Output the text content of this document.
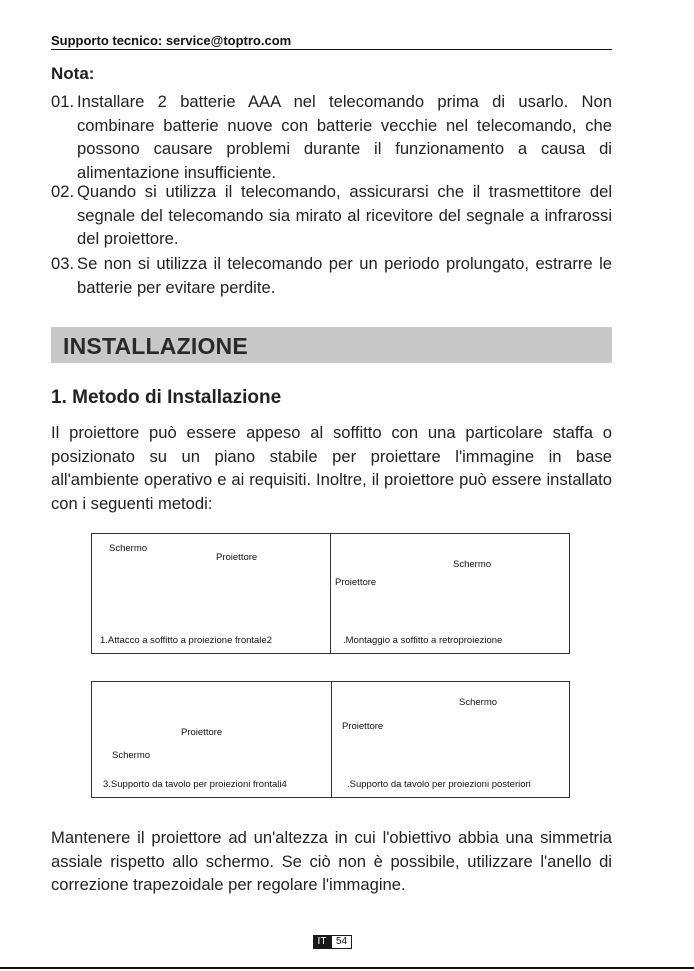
Supporto tecnico: service@toptro.com
Nota:
01. Installare 2 batterie AAA nel telecomando prima di usarlo. Non combinare batterie nuove con batterie vecchie nel telecomando, che possono causare problemi durante il funzionamento a causa di alimentazione insufficiente.
02. Quando si utilizza il telecomando, assicurarsi che il trasmettitore del segnale del telecomando sia mirato al ricevitore del segnale a infrarossi del proiettore.
03. Se non si utilizza il telecomando per un periodo prolungato, estrarre le batterie per evitare perdite.
INSTALLAZIONE
1. Metodo di Installazione
Il proiettore può essere appeso al soffitto con una particolare staffa o posizionato su un piano stabile per proiettare l'immagine in base all'ambiente operativo e ai requisiti. Inoltre, il proiettore può essere installato con i seguenti metodi:
Schermo
Proiettore
1.Attacco a soffitto a proiezione frontale2
Schermo
Proiettore
.Montaggio a soffitto a retroproiezione
Proiettore
Schermo
3.Supporto da tavolo per proiezioni frontali4
Schermo
Proiettore
.Supporto da tavolo per proiezioni posteriori
Mantenere il proiettore ad un'altezza in cui l'obiettivo abbia una simmetria assiale rispetto allo schermo. Se ciò non è possibile, utilizzare l'anello di correzione trapezoidale per regolare l'immagine.
IT 54
